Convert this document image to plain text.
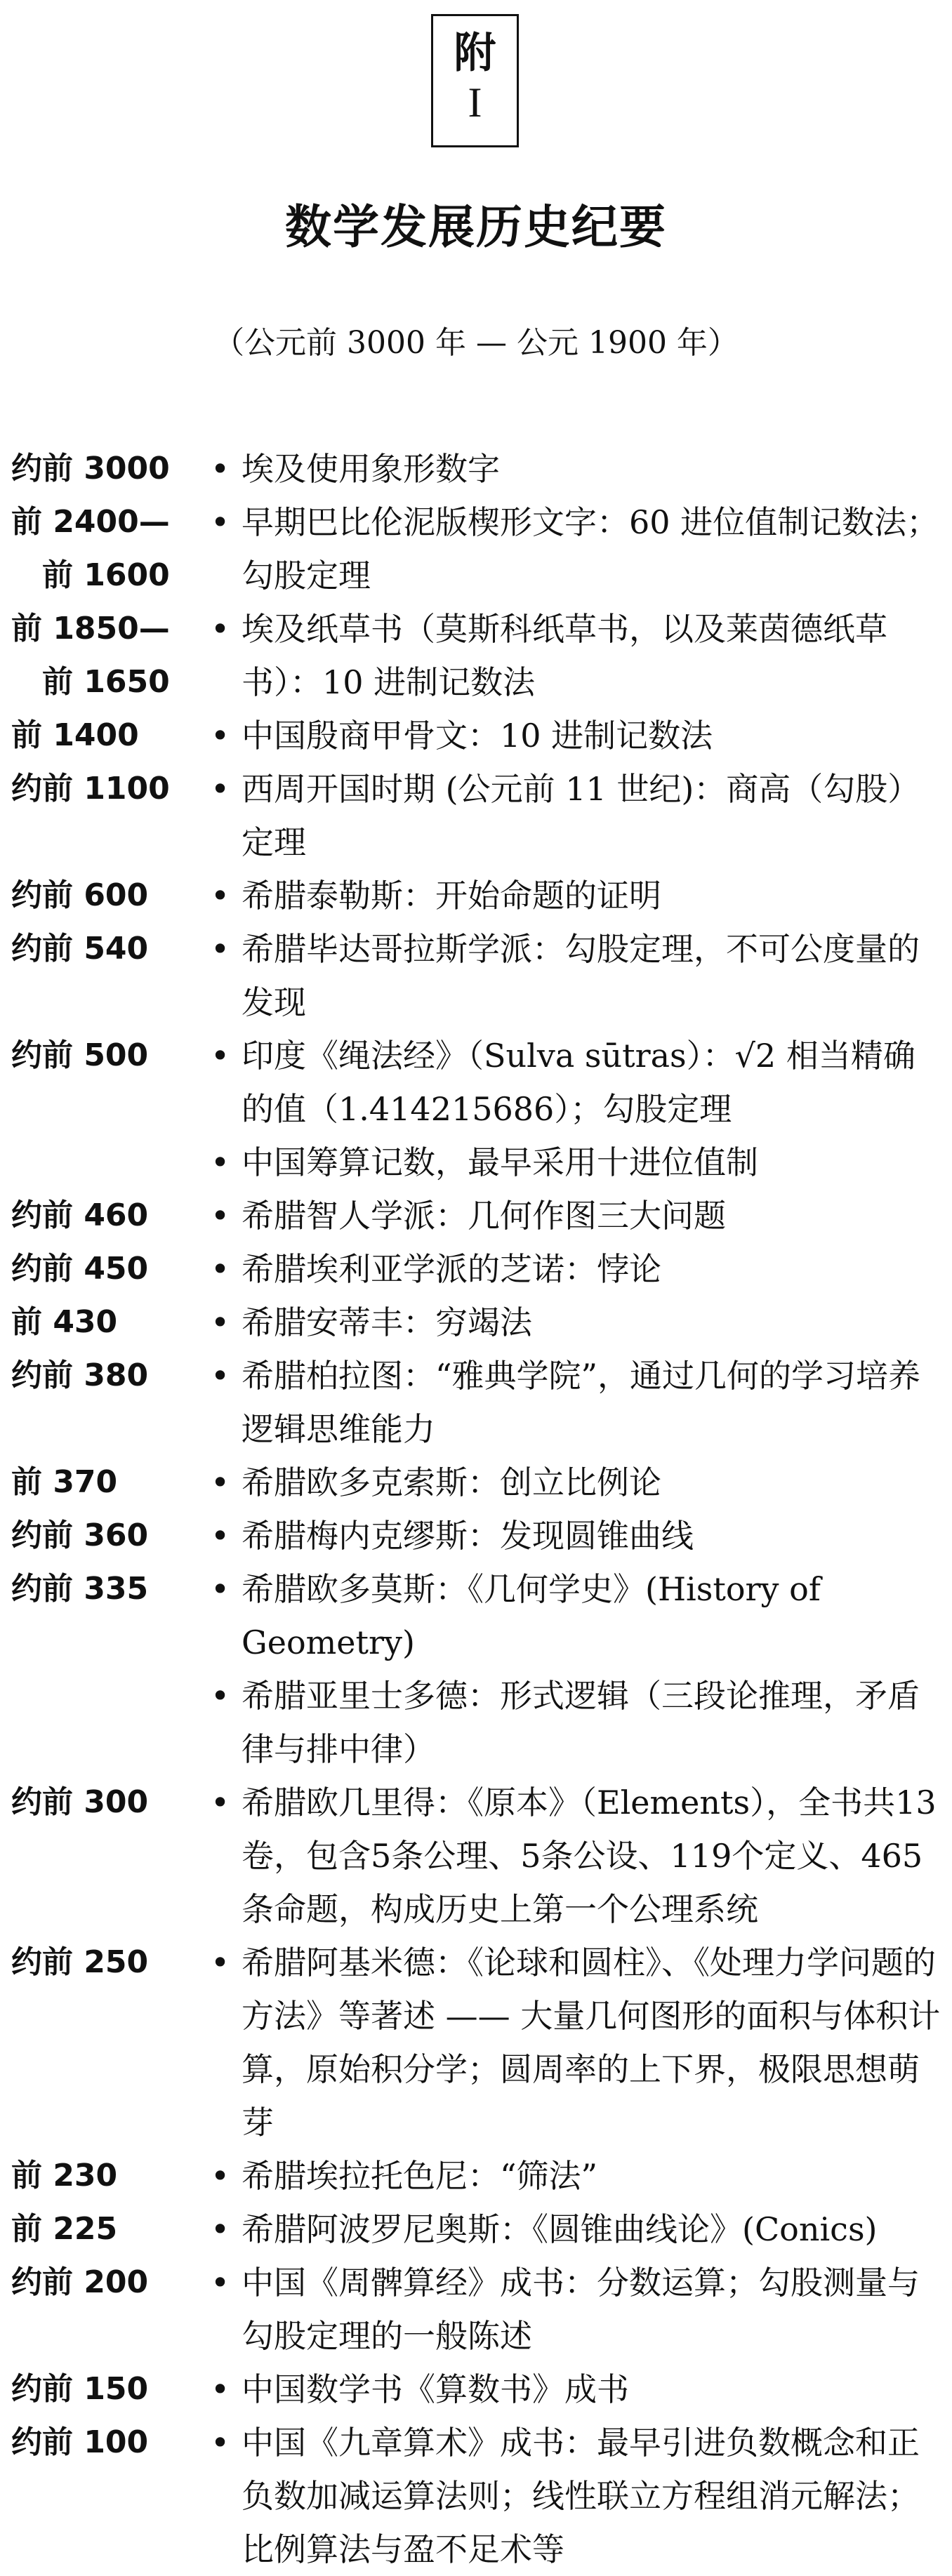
附
I
数学发展历史纪要
（公元前 3000 年 — 公元 1900 年）
约前 3000	• 埃及使用象形数字
前 2400—
　前 1600
• 早期巴比伦泥版楔形文字：60 进位值制记数法；勾股定理
前 1850—
　前 1650
• 埃及纸草书（莫斯科纸草书，以及莱茵德纸草书）：10 进制记数法
前 1400	• 中国殷商甲骨文：10 进制记数法
约前 1100	• 西周开国时期 (公元前 11 世纪)：商高（勾股）定理
约前 600	• 希腊泰勒斯：开始命题的证明
约前 540	• 希腊毕达哥拉斯学派：勾股定理，不可公度量的发现
约前 500	• 印度《绳法经》（Sulva sūtras）：√2 相当精确的值（1.414215686）；勾股定理
• 中国筹算记数，最早采用十进位值制
约前 460	• 希腊智人学派：几何作图三大问题
约前 450	• 希腊埃利亚学派的芝诺：悖论
前 430	• 希腊安蒂丰：穷竭法
约前 380	• 希腊柏拉图：“雅典学院”，通过几何的学习培养逻辑思维能力
前 370	• 希腊欧多克索斯：创立比例论
约前 360	• 希腊梅内克缪斯：发现圆锥曲线
约前 335	• 希腊欧多莫斯：《几何学史》(History of Geometry)
• 希腊亚里士多德：形式逻辑（三段论推理，矛盾律与排中律）
约前 300	• 希腊欧几里得：《原本》（Elements），全书共13卷，包含5条公理、5条公设、119个定义、465条命题，构成历史上第一个公理系统
约前 250	• 希腊阿基米德：《论球和圆柱》、《处理力学问题的方法》等著述 —— 大量几何图形的面积与体积计算，原始积分学；圆周率的上下界，极限思想萌芽
前 230	• 希腊埃拉托色尼：“筛法”
前 225	• 希腊阿波罗尼奥斯：《圆锥曲线论》(Conics)
约前 200	• 中国《周髀算经》成书：分数运算；勾股测量与勾股定理的一般陈述
约前 150	• 中国数学书《算数书》成书
约前 100	• 中国《九章算术》成书：最早引进负数概念和正负数加减运算法则；线性联立方程组消元解法；比例算法与盈不足术等
